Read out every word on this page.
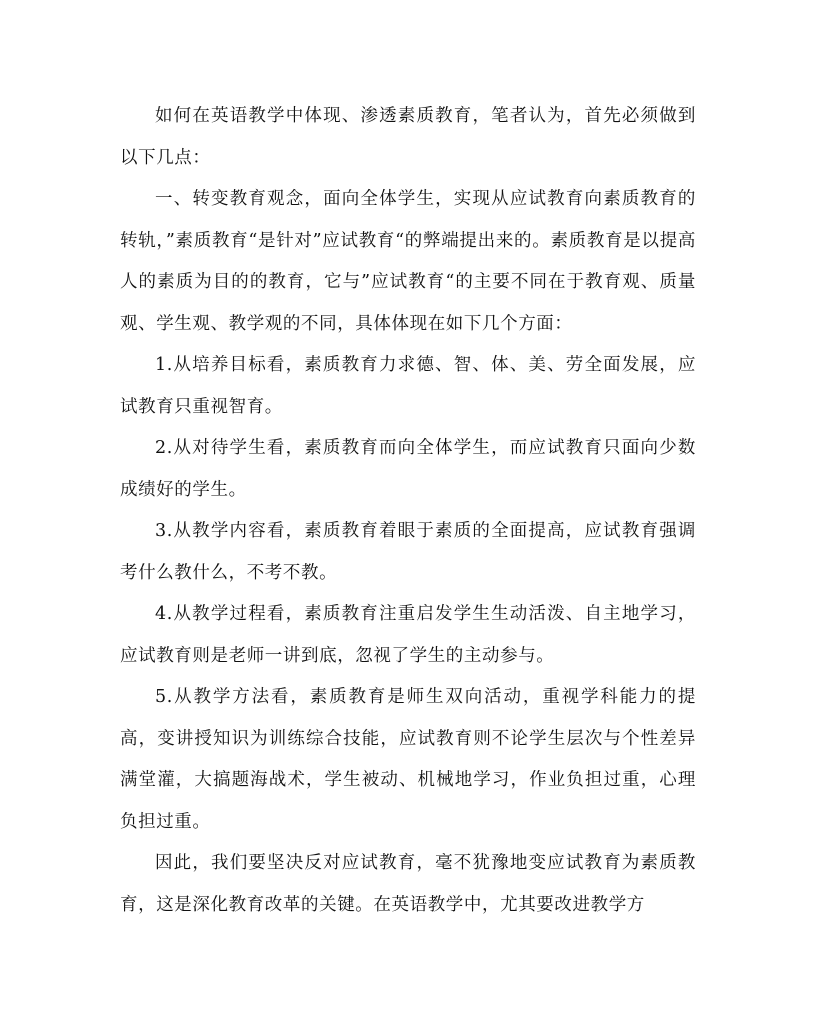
如何在英语教学中体现、渗透素质教育，笔者认为，首先必须做到以下几点：

一、转变教育观念，面向全体学生，实现从应试教育向素质教育的转轨，”素质教育“是针对”应试教育“的弊端提出来的。素质教育是以提高人的素质为目的的教育，它与”应试教育“的主要不同在于教育观、质量观、学生观、教学观的不同，具体体现在如下几个方面：

1.从培养目标看，素质教育力求德、智、体、美、劳全面发展，应试教育只重视智育。

2.从对待学生看，素质教育而向全体学生，而应试教育只面向少数成绩好的学生。

3.从教学内容看，素质教育着眼于素质的全面提高，应试教育强调考什么教什么，不考不教。

4.从教学过程看，素质教育注重启发学生生动活泼、自主地学习，应试教育则是老师一讲到底，忽视了学生的主动参与。

5.从教学方法看，素质教育是师生双向活动，重视学科能力的提高，变讲授知识为训练综合技能，应试教育则不论学生层次与个性差异满堂灌，大搞题海战术，学生被动、机械地学习，作业负担过重，心理负担过重。

因此，我们要坚决反对应试教育，毫不犹豫地变应试教育为素质教育，这是深化教育改革的关键。在英语教学中，尤其要改进教学方
